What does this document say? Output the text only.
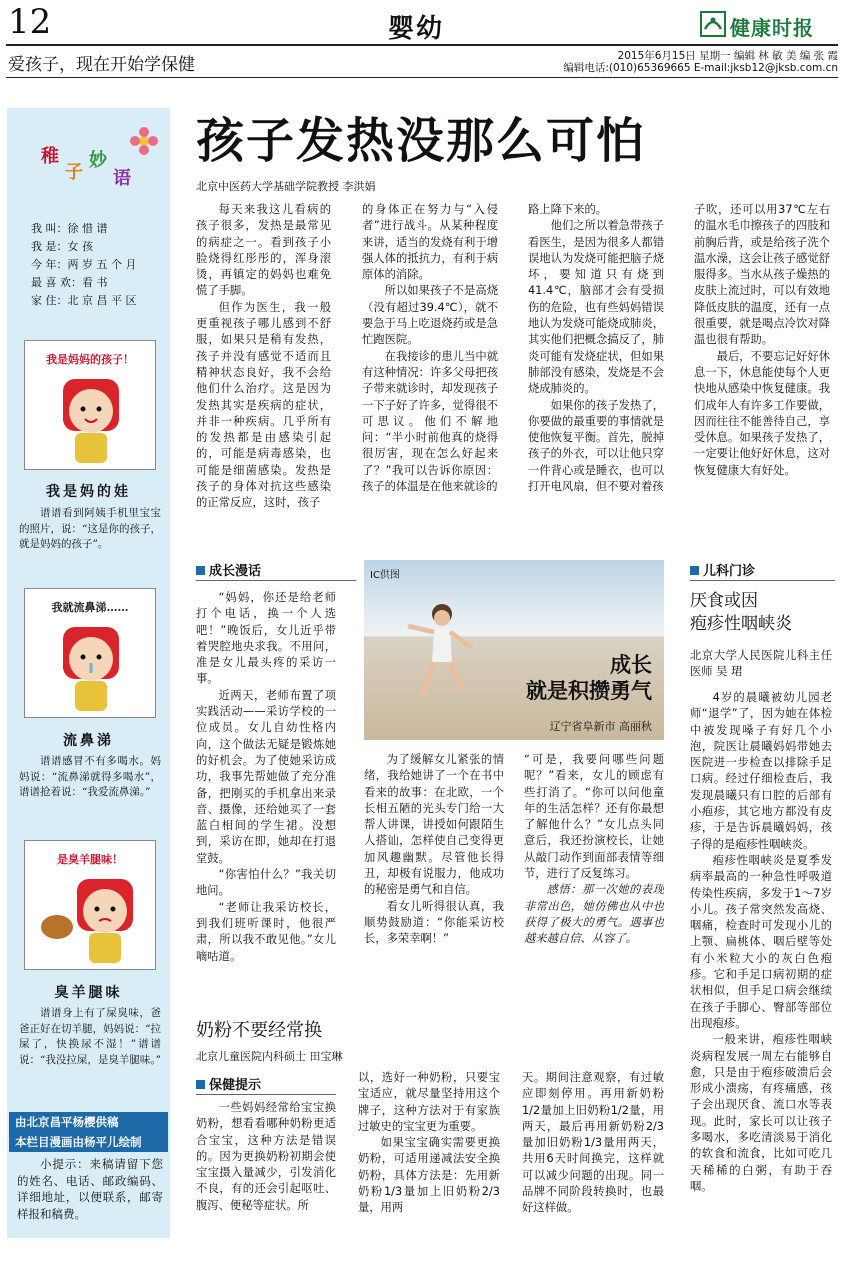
12	婴幼	健康时报
爱孩子，现在开始学保健	2015年6月15日 星期一 编辑 林 敏 美 编 张 霞
编辑电话:(010)65369665 E-mail:jksb12@jksb.com.cn
稚
子
妙
语
我 叫：徐 惜 谱
我 是：女 孩
今 年：两 岁 五 个 月
最 喜 欢：看 书
家 住：北 京 昌 平 区
我是妈妈的孩子！
我是妈的娃

谱谱看到阿姨手机里宝宝的照片，说：“这是你的孩子，就是妈妈的孩子”。

我就流鼻涕……
流鼻涕

谱谱感冒不有多喝水。妈妈说：“流鼻涕就得多喝水”，谱谱抢着说：“我爱流鼻涕。”

是臭羊腿味！
臭羊腿味

谱谱身上有了屎臭味，爸爸正好在切羊腿，妈妈说：“拉屎了，快换尿不湿！”谱谱说：“我没拉屎，是臭羊腿味。”

由北京昌平杨樱供稿
本栏目漫画由杨平儿绘制

小提示：来稿请留下您的姓名、电话、邮政编码、详细地址，以便联系，邮寄样报和稿费。

孩子发热没那么可怕
北京中医药大学基础学院教授 李洪娟

每天来我这儿看病的孩子很多，发热是最常见的病症之一。看到孩子小脸烧得红彤彤的，浑身滚烫，再镇定的妈妈也难免慌了手脚。

但作为医生，我一般更重视孩子哪儿感到不舒服，如果只是稍有发热，孩子并没有感觉不适而且精神状态良好，我不会给他们什么治疗。这是因为发热其实是疾病的症状，并非一种疾病。几乎所有的发热都是由感染引起的，可能是病毒感染，也可能是细菌感染。发热是孩子的身体对抗这些感染的正常反应，这时，孩子

的身体正在努力与“入侵者”进行战斗。从某种程度来讲，适当的发烧有利于增强人体的抵抗力，有利于病原体的消除。

所以如果孩子不是高烧（没有超过39.4℃），就不要急于马上吃退烧药或是急忙跑医院。

在我接诊的患儿当中就有这种情况：许多父母把孩子带来就诊时，却发现孩子一下子好了许多，觉得很不可思议。他们不解地问：“半小时前他真的烧得很厉害，现在怎么好起来了？”我可以告诉你原因：孩子的体温是在他来就诊的

路上降下来的。

他们之所以着急带孩子看医生，是因为很多人都错误地认为发烧可能把脑子烧坏，要知道只有烧到41.4℃，脑部才会有受损伤的危险，也有些妈妈错误地认为发烧可能烧成肺炎，其实他们把概念搞反了，肺炎可能有发烧症状，但如果肺部没有感染，发烧是不会烧成肺炎的。

如果你的孩子发热了，你要做的最重要的事情就是使他恢复平衡。首先，脱掉孩子的外衣，可以让他只穿一件背心或是睡衣，也可以打开电风扇，但不要对着孩

子吹，还可以用37℃左右的温水毛巾擦孩子的四肢和前胸后背，或是给孩子洗个温水澡，这会让孩子感觉舒服得多。当水从孩子燥热的皮肤上流过时，可以有效地降低皮肤的温度，还有一点很重要，就是喝点冷饮对降温也很有帮助。

最后，不要忘记好好休息一下，休息能使每个人更快地从感染中恢复健康。我们成年人有许多工作要做，因而往往不能善待自己，享受休息。如果孩子发热了，一定要让他好好休息，这对恢复健康大有好处。

成长漫话	IC供图
成长
就是积攒勇气
辽宁省阜新市 高丽秋

“妈妈，你还是给老师打个电话，换一个人选吧！”晚饭后，女儿近乎带着哭腔地央求我。不用问，准是女儿最头疼的采访一事。

近两天，老师布置了项实践活动——采访学校的一位成员。女儿自幼性格内向，这个做法无疑是锻炼她的好机会。为了使她采访成功，我事先帮她做了充分准备，把刚买的手机拿出来录音、摄像，还给她买了一套蓝白相间的学生裙。没想到，采访在即，她却在打退堂鼓。

“你害怕什么？”我关切地问。

“老师让我采访校长，到我们班听课时，他很严肃，所以我不敢见他。”女儿嘀咕道。

为了缓解女儿紧张的情绪，我给她讲了一个在书中看来的故事：在北欧，一个长相五陋的光头专门给一大帮人讲课，讲授如何跟陌生人搭讪，怎样使自己变得更加风趣幽默。尽管他长得丑，却极有说服力，他成功的秘密是勇气和自信。

看女儿听得很认真，我顺势鼓励道：“你能采访校长，多荣幸啊！”

“可是，我要问哪些问题呢？”看来，女儿的顾虑有些打消了。“你可以问他童年的生活怎样？还有你最想了解他什么？”女儿点头同意后，我还扮演校长，让她从敲门动作到面部表情等细节，进行了反复练习。

感悟：那一次她的表现非常出色，她仿佛也从中也获得了极大的勇气。遇事也越来越自信、从容了。

儿科门诊
厌食或因
疱疹性咽峡炎

北京大学人民医院儿科主任医师 吴 珺

4岁的晨曦被幼儿园老师“退学”了，因为她在体检中被发现嗓子有好几个小泡，院医让晨曦妈妈带她去医院进一步检查以排除手足口病。经过仔细检查后，我发现晨曦只有口腔的后部有小疱疹，其它地方都没有皮疹，于是告诉晨曦妈妈，孩子得的是疱疹性咽峡炎。

疱疹性咽峡炎是夏季发病率最高的一种急性呼吸道传染性疾病，多发于1～7岁小儿。孩子常突然发高烧、咽痛，检查时可发现小儿的上颚、扁桃体、咽后壁等处有小米粒大小的灰白色疱疹。它和手足口病初期的症状相似，但手足口病会继续在孩子手脚心、臀部等部位出现疱疹。

一般来讲，疱疹性咽峡炎病程发展一周左右能够自愈，只是由于疱疹破溃后会形成小溃疡，有疼痛感，孩子会出现厌食、流口水等表现。此时，家长可以让孩子多喝水，多吃清淡易于消化的软食和流食，比如可吃几天稀稀的白粥，有助于吞咽。

奶粉不要经常换
北京儿童医院内科硕士 田宝琳
保健提示

一些妈妈经常给宝宝换奶粉，想看看哪种奶粉更适合宝宝，这种方法是错误的。因为更换奶粉初期会使宝宝摄入量减少，引发消化不良，有的还会引起呕吐、腹泻、便秘等症状。所

以，选好一种奶粉，只要宝宝适应，就尽量坚持用这个牌子，这种方法对于有家族过敏史的宝宝更为重要。

如果宝宝确实需要更换奶粉，可适用递减法安全换奶粉，具体方法是：先用新奶粉1/3量加上旧奶粉2/3量，用两

天。期间注意观察，有过敏应即刻停用。再用新奶粉1/2量加上旧奶粉1/2量，用两天，最后再用新奶粉2/3量加旧奶粉1/3量用两天，共用6天时间换完，这样就可以减少问题的出现。同一品牌不同阶段转换时，也最好这样做。
